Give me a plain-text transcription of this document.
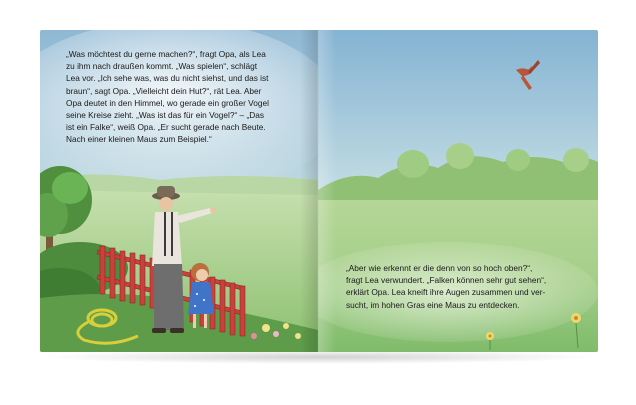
„Was möchtest du gerne machen?“, fragt Opa, als Lea
zu ihm nach draußen kommt. „Was spielen“, schlägt
Lea vor. „Ich sehe was, was du nicht siehst, und das ist
braun“, sagt Opa. „Vielleicht dein Hut?“, rät Lea. Aber
Opa deutet in den Himmel, wo gerade ein großer Vogel
seine Kreise zieht. „Was ist das für ein Vogel?“ – „Das
ist ein Falke“, weiß Opa. „Er sucht gerade nach Beute.
Nach einer kleinen Maus zum Beispiel.“
„Aber wie erkennt er die denn von so hoch oben?“,
fragt Lea verwundert. „Falken können sehr gut sehen“,
erklärt Opa. Lea kneift ihre Augen zusammen und ver-
sucht, im hohen Gras eine Maus zu entdecken.
